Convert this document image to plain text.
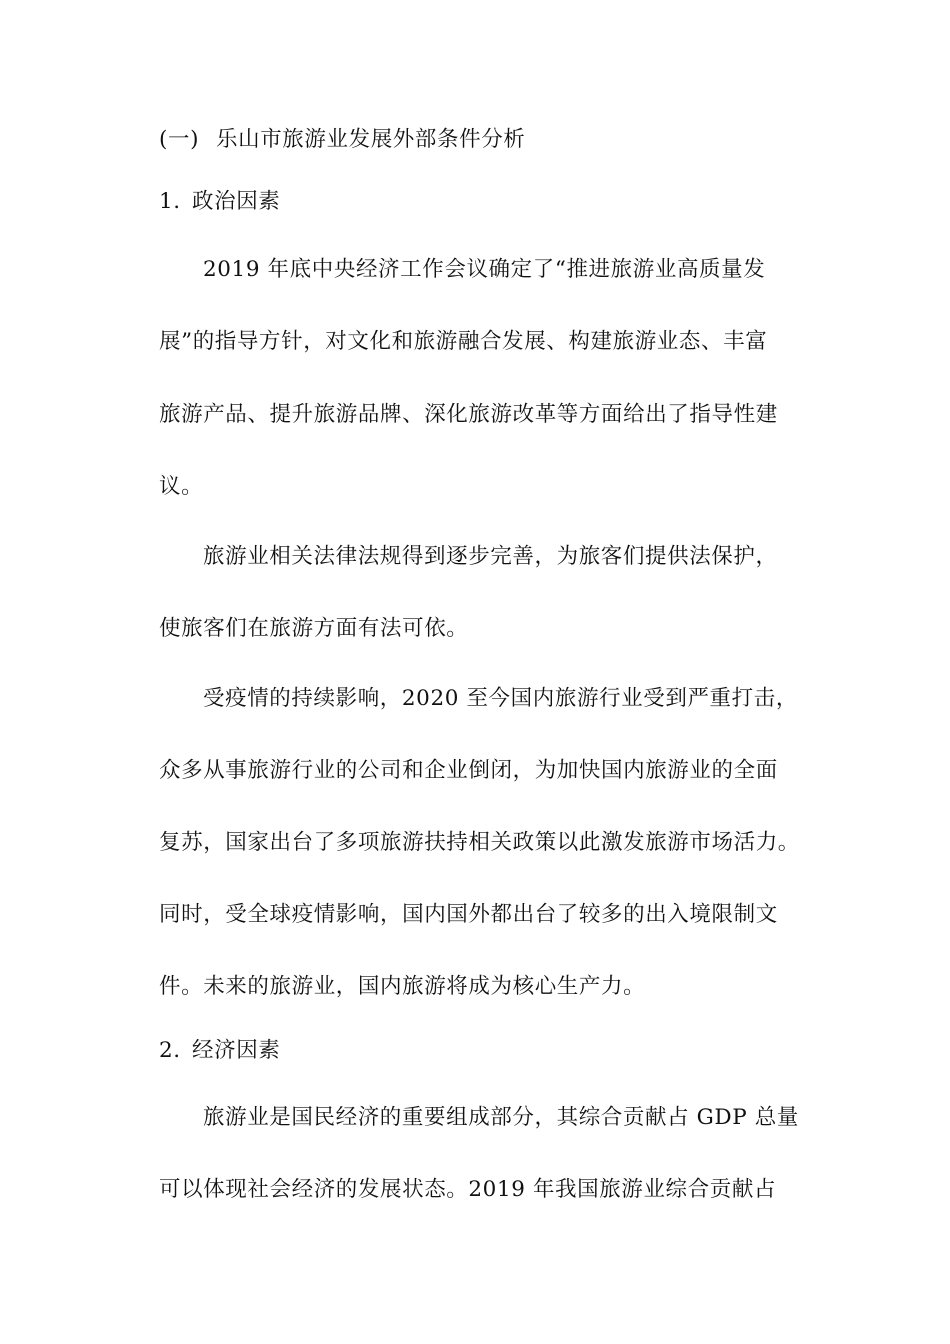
(一) 乐山市旅游业发展外部条件分析
1. 政治因素
2019 年底中央经济工作会议确定了“推进旅游业高质量发
展”的指导方针，对文化和旅游融合发展、构建旅游业态、丰富
旅游产品、提升旅游品牌、深化旅游改革等方面给出了指导性建
议。
旅游业相关法律法规得到逐步完善，为旅客们提供法保护，
使旅客们在旅游方面有法可依。
受疫情的持续影响，2020 至今国内旅游行业受到严重打击，
众多从事旅游行业的公司和企业倒闭，为加快国内旅游业的全面
复苏，国家出台了多项旅游扶持相关政策以此激发旅游市场活力。
同时，受全球疫情影响，国内国外都出台了较多的出入境限制文
件。未来的旅游业，国内旅游将成为核心生产力。
2. 经济因素
旅游业是国民经济的重要组成部分，其综合贡献占 GDP 总量
可以体现社会经济的发展状态。2019 年我国旅游业综合贡献占
